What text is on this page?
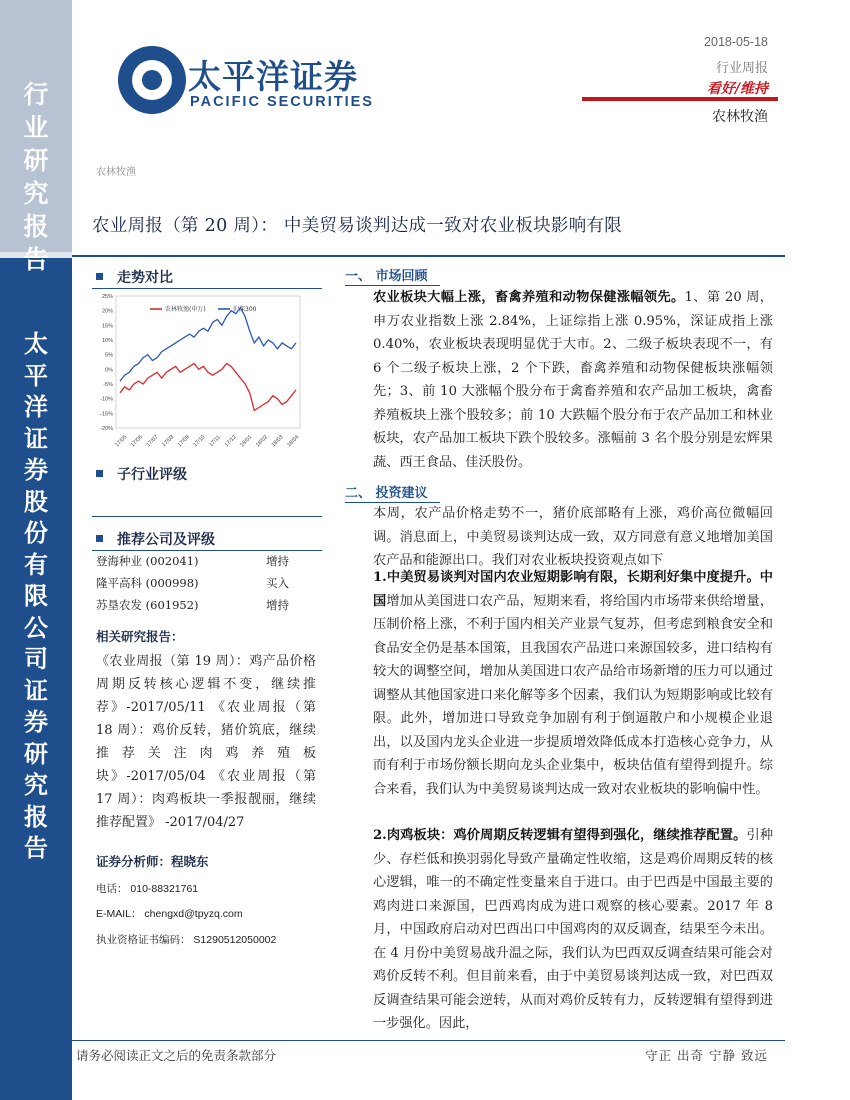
行
业
研
究
报
告
太
平
洋
证
券
股
份
有
限
公
司
证
券
研
究
报
告
太平洋证券
PACIFIC SECURITIES
2018-05-18
行业周报
看好/维持
农林牧渔
农林牧渔
农业周报（第 20 周）： 中美贸易谈判达成一致对农业板块影响有限
走势对比
25%
20%
15%
10%
5%
0%
-5%
-10%
-15%
-20%
17/05 17/06 17/07 17/08 17/09 17/10 17/11 17/12 18/01 18/02 18/03 18/04
农林牧渔(申万)	沪深300
子行业评级
推荐公司及评级
登海种业 (002041)	增持
隆平高科 (000998)	买入
苏垦农发 (601952)	增持
相关研究报告：
《农业周报（第 19 周）：鸡产品价格周期反转核心逻辑不变，继续推荐》-2017/05/11 《农业周报（第 18 周）：鸡价反转，猪价筑底，继续推荐关注肉鸡养殖板块》-2017/05/04 《农业周报（第 17 周）：肉鸡板块一季报靓丽，继续推荐配置》 -2017/04/27
证券分析师：程晓东
电话： 010-88321761
E-MAIL： chengxd@tpyzq.com
执业资格证书编码： S1290512050002
一、 市场回顾
农业板块大幅上涨，畜禽养殖和动物保健涨幅领先。1、第 20 周，申万农业指数上涨 2.84%，上证综指上涨 0.95%，深证成指上涨 0.40%，农业板块表现明显优于大市。2、二级子板块表现不一，有 6 个二级子板块上涨，2 个下跌，畜禽养殖和动物保健板块涨幅领先；3、前 10 大涨幅个股分布于禽畜养殖和农产品加工板块，禽畜养殖板块上涨个股较多；前 10 大跌幅个股分布于农产品加工和林业板块，农产品加工板块下跌个股较多。涨幅前 3 名个股分别是宏辉果蔬、西王食品、佳沃股份。
二、 投资建议
本周，农产品价格走势不一，猪价底部略有上涨，鸡价高位微幅回调。消息面上，中美贸易谈判达成一致，双方同意有意义地增加美国农产品和能源出口。我们对农业板块投资观点如下
1.中美贸易谈判对国内农业短期影响有限，长期利好集中度提升。中国增加从美国进口农产品，短期来看，将给国内市场带来供给增量，压制价格上涨，不利于国内相关产业景气复苏，但考虑到粮食安全和食品安全仍是基本国策，且我国农产品进口来源国较多，进口结构有较大的调整空间，增加从美国进口农产品给市场新增的压力可以通过调整从其他国家进口来化解等多个因素，我们认为短期影响或比较有限。此外，增加进口导致竞争加剧有利于倒逼散户和小规模企业退出，以及国内龙头企业进一步提质增效降低成本打造核心竞争力，从而有利于市场份额长期向龙头企业集中，板块估值有望得到提升。综合来看，我们认为中美贸易谈判达成一致对农业板块的影响偏中性。
2.肉鸡板块：鸡价周期反转逻辑有望得到强化，继续推荐配置。引种少、存栏低和换羽弱化导致产量确定性收缩，这是鸡价周期反转的核心逻辑，唯一的不确定性变量来自于进口。由于巴西是中国最主要的鸡肉进口来源国，巴西鸡肉成为进口观察的核心要素。2017 年 8 月，中国政府启动对巴西出口中国鸡肉的双反调查，结果至今未出。在 4 月份中美贸易战升温之际，我们认为巴西双反调查结果可能会对鸡价反转不利。但目前来看，由于中美贸易谈判达成一致，对巴西双反调查结果可能会逆转，从而对鸡价反转有力，反转逻辑有望得到进一步强化。因此，
请务必阅读正文之后的免责条款部分	守正 出奇 宁静 致远
